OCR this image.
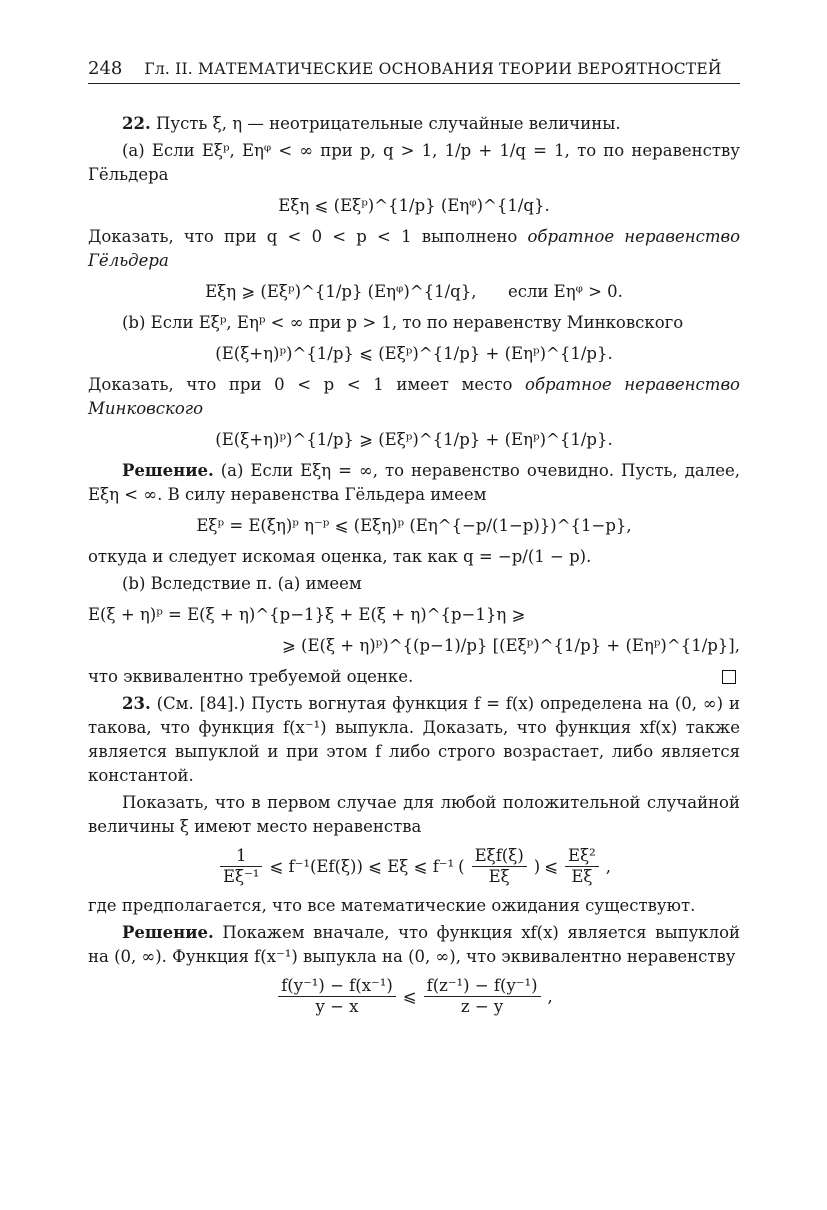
248 Гл. II. МАТЕМАТИЧЕСКИЕ ОСНОВАНИЯ ТЕОРИИ ВЕРОЯТНОСТЕЙ

22. Пусть ξ, η — неотрицательные случайные величины.

(a) Если Eξᵖ, Eηᵠ < ∞ при p, q > 1, 1/p + 1/q = 1, то по неравенству Гёльдера

Eξη ⩽ (Eξᵖ)^{1/p} (Eηᵠ)^{1/q}.

Доказать, что при q < 0 < p < 1 выполнено обратное неравенство Гёльдера

Eξη ⩾ (Eξᵖ)^{1/p} (Eηᵠ)^{1/q}, если Eηᵠ > 0.

(b) Если Eξᵖ, Eηᵖ < ∞ при p > 1, то по неравенству Минковского

(E(ξ+η)ᵖ)^{1/p} ⩽ (Eξᵖ)^{1/p} + (Eηᵖ)^{1/p}.

Доказать, что при 0 < p < 1 имеет место обратное неравенство Минковского

(E(ξ+η)ᵖ)^{1/p} ⩾ (Eξᵖ)^{1/p} + (Eηᵖ)^{1/p}.

Решение. (a) Если Eξη = ∞, то неравенство очевидно. Пусть, далее, Eξη < ∞. В силу неравенства Гёльдера имеем

Eξᵖ = E(ξη)ᵖ η⁻ᵖ ⩽ (Eξη)ᵖ (Eη^{−p/(1−p)})^{1−p},

откуда и следует искомая оценка, так как q = −p/(1 − p).

(b) Вследствие п. (a) имеем

E(ξ + η)ᵖ = E(ξ + η)^{p−1}ξ + E(ξ + η)^{p−1}η ⩾
⩾ (E(ξ + η)ᵖ)^{(p−1)/p} [(Eξᵖ)^{1/p} + (Eηᵖ)^{1/p}],
что эквивалентно требуемой оценке.

23. (См. [84].) Пусть вогнутая функция f = f(x) определена на (0, ∞) и такова, что функция f(x⁻¹) выпукла. Доказать, что функция xf(x) также является выпуклой и при этом f либо строго возрастает, либо является константой.

Показать, что в первом случае для любой положительной случайной величины ξ имеют место неравенства

$\frac{1}{\text{Eξ⁻¹}}$ ⩽ f⁻¹(Ef(ξ)) ⩽ Eξ ⩽ f⁻¹ ( $\frac{\text{Eξf(ξ)}}{E\xi}$ ) ⩽ $\frac{\text{Eξ²}}{E\xi}$ ,

где предполагается, что все математические ожидания существуют.

Решение. Покажем вначале, что функция xf(x) является выпуклой на (0, ∞). Функция f(x⁻¹) выпукла на (0, ∞), что эквивалентно неравенству

$\frac{\text{f(y⁻¹) − f(x⁻¹)}}{y - x}$ ⩽ $\frac{\text{f(z⁻¹) − f(y⁻¹)}}{z - y}$ ,
